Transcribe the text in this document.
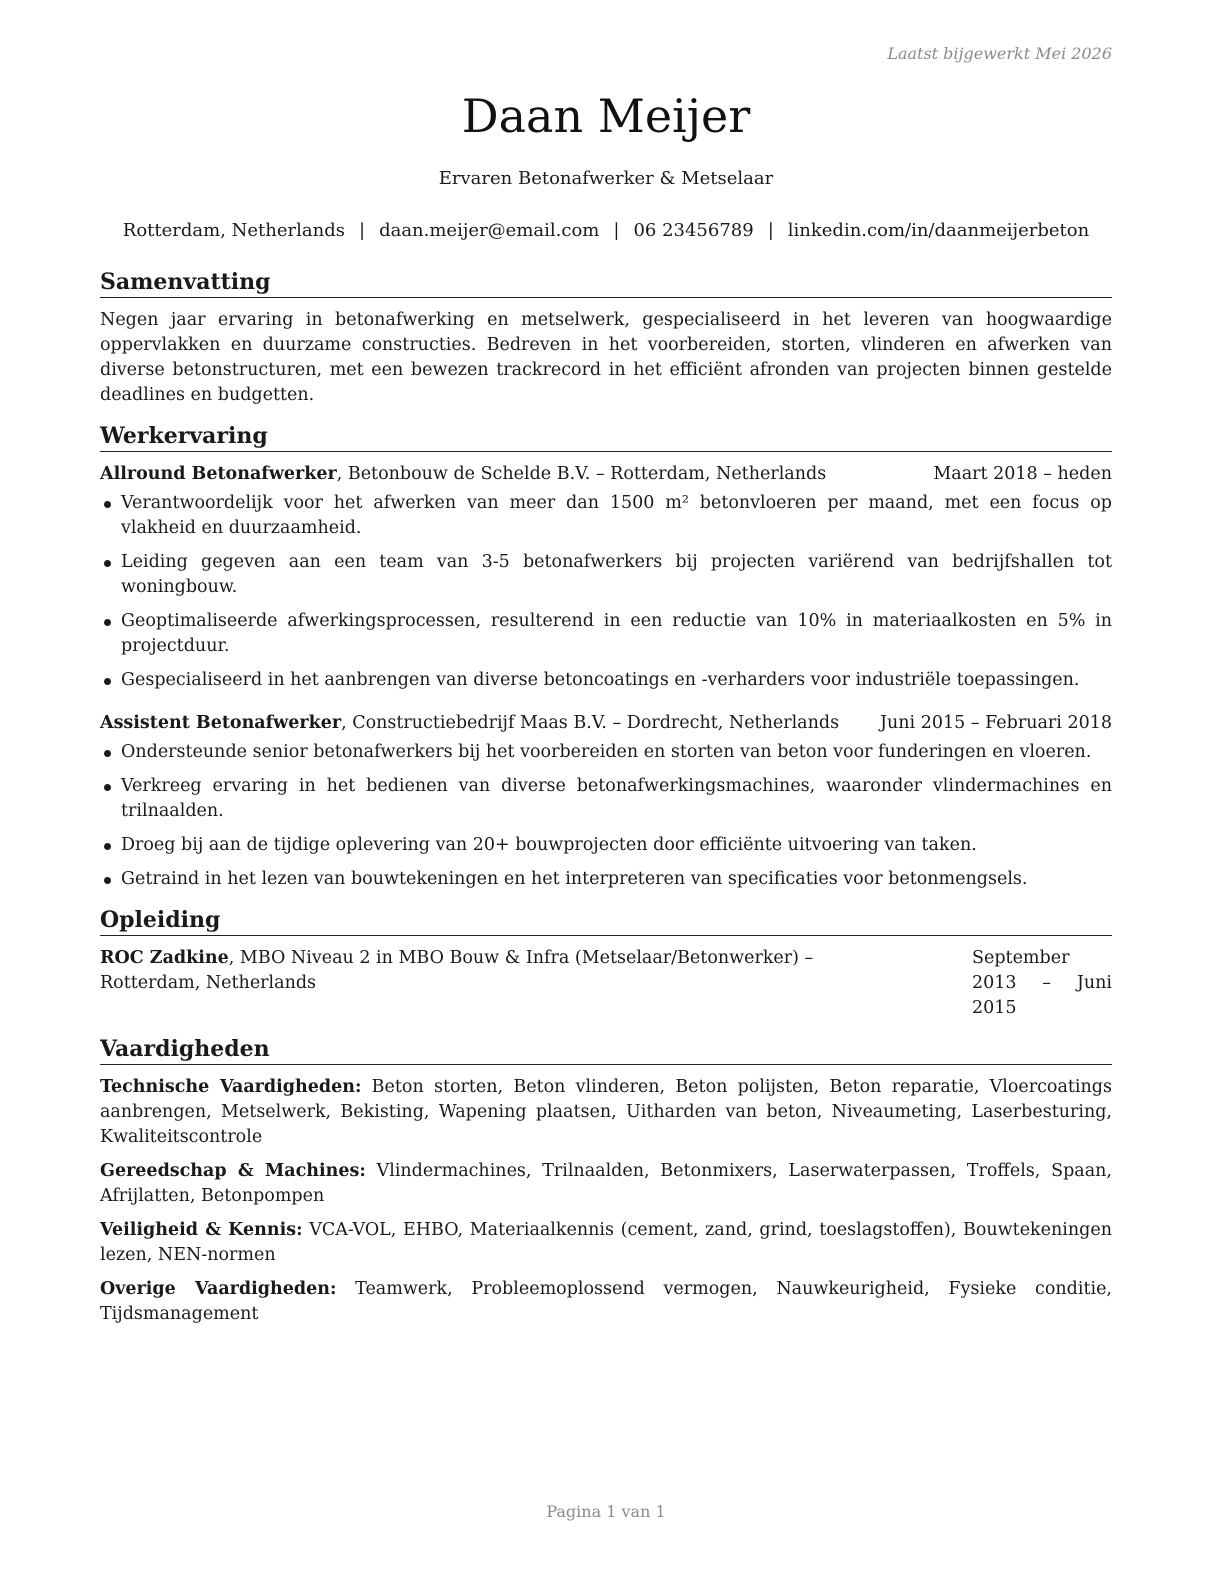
Laatst bijgewerkt Mei 2026
Daan Meijer
Ervaren Betonafwerker & Metselaar
Rotterdam, Netherlands | daan.meijer@email.com | 06 23456789 | linkedin.com/in/daanmeijerbeton
Samenvatting

Negen jaar ervaring in betonafwerking en metselwerk, gespecialiseerd in het leveren van hoogwaardige oppervlakken en duurzame constructies. Bedreven in het voorbereiden, storten, vlinderen en afwerken van diverse betonstructuren, met een bewezen trackrecord in het efficiënt afronden van projecten binnen gestelde deadlines en budgetten.

Werkervaring
Allround Betonafwerker, Betonbouw de Schelde B.V. – Rotterdam, Netherlands	Maart 2018 – heden
Verantwoordelijk voor het afwerken van meer dan 1500 m² betonvloeren per maand, met een focus op vlakheid en duurzaamheid.
Leiding gegeven aan een team van 3-5 betonafwerkers bij projecten variërend van bedrijfshallen tot woningbouw.
Geoptimaliseerde afwerkingsprocessen, resulterend in een reductie van 10% in materiaalkosten en 5% in projectduur.
Gespecialiseerd in het aanbrengen van diverse betoncoatings en -verharders voor industriële toepassingen.
Assistent Betonafwerker, Constructiebedrijf Maas B.V. – Dordrecht, Netherlands Juni 2015 – Februari 2018
Ondersteunde senior betonafwerkers bij het voorbereiden en storten van beton voor funderingen en vloeren.
Verkreeg ervaring in het bedienen van diverse betonafwerkingsmachines, waaronder vlindermachines en trilnaalden.
Droeg bij aan de tijdige oplevering van 20+ bouwprojecten door efficiënte uitvoering van taken.
Getraind in het lezen van bouwtekeningen en het interpreteren van specificaties voor betonmengsels.
Opleiding
ROC Zadkine, MBO Niveau 2 in MBO Bouw & Infra (Metselaar/Betonwerker) – Rotterdam, Netherlands
September 2013 – Juni 2015
Vaardigheden

Technische Vaardigheden: Beton storten, Beton vlinderen, Beton polijsten, Beton reparatie, Vloercoatings aanbrengen, Metselwerk, Bekisting, Wapening plaatsen, Uitharden van beton, Niveaumeting, Laserbesturing, Kwaliteitscontrole

Gereedschap & Machines: Vlindermachines, Trilnaalden, Betonmixers, Laserwaterpassen, Troffels, Spaan, Afrijlatten, Betonpompen

Veiligheid & Kennis: VCA-VOL, EHBO, Materiaalkennis (cement, zand, grind, toeslagstoffen), Bouwtekeningen lezen, NEN-normen

Overige Vaardigheden: Teamwerk, Probleemoplossend vermogen, Nauwkeurigheid, Fysieke conditie, Tijdsmanagement

Pagina 1 van 1
